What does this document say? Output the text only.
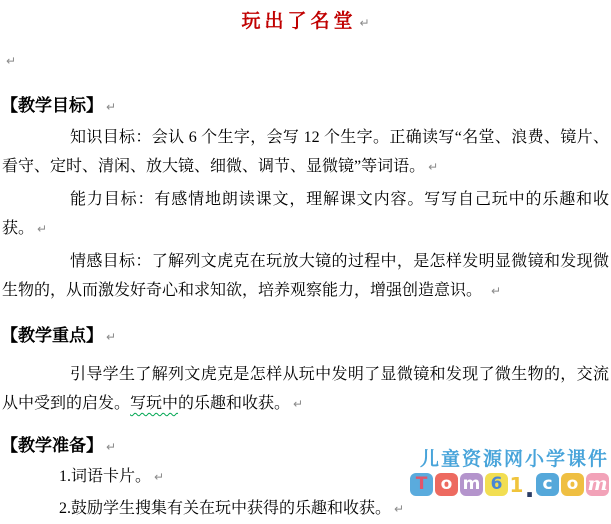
玩出了名堂 ↵
↵
【教学目标】 ↵

知识目标：会认 6 个生字，会写 12 个生字。正确读写“名堂、浪费、镜片、看守、定时、清闲、放大镜、细微、调节、显微镜”等词语。 ↵

能力目标：有感情地朗读课文，理解课文内容。写写自己玩中的乐趣和收获。 ↵

情感目标：了解列文虎克在玩放大镜的过程中，是怎样发明显微镜和发现微生物的，从而激发好奇心和求知欲，培养观察能力，增强创造意识。 ↵

【教学重点】 ↵

引导学生了解列文虎克是怎样从玩中发明了显微镜和发现了微生物的，交流从中受到的启发。写玩中的乐趣和收获。 ↵

【教学准备】 ↵

1.词语卡片。 ↵

2.鼓励学生搜集有关在玩中获得的乐趣和收获。 ↵

儿童资源网小学课件
T o m 6 1 . c o m
